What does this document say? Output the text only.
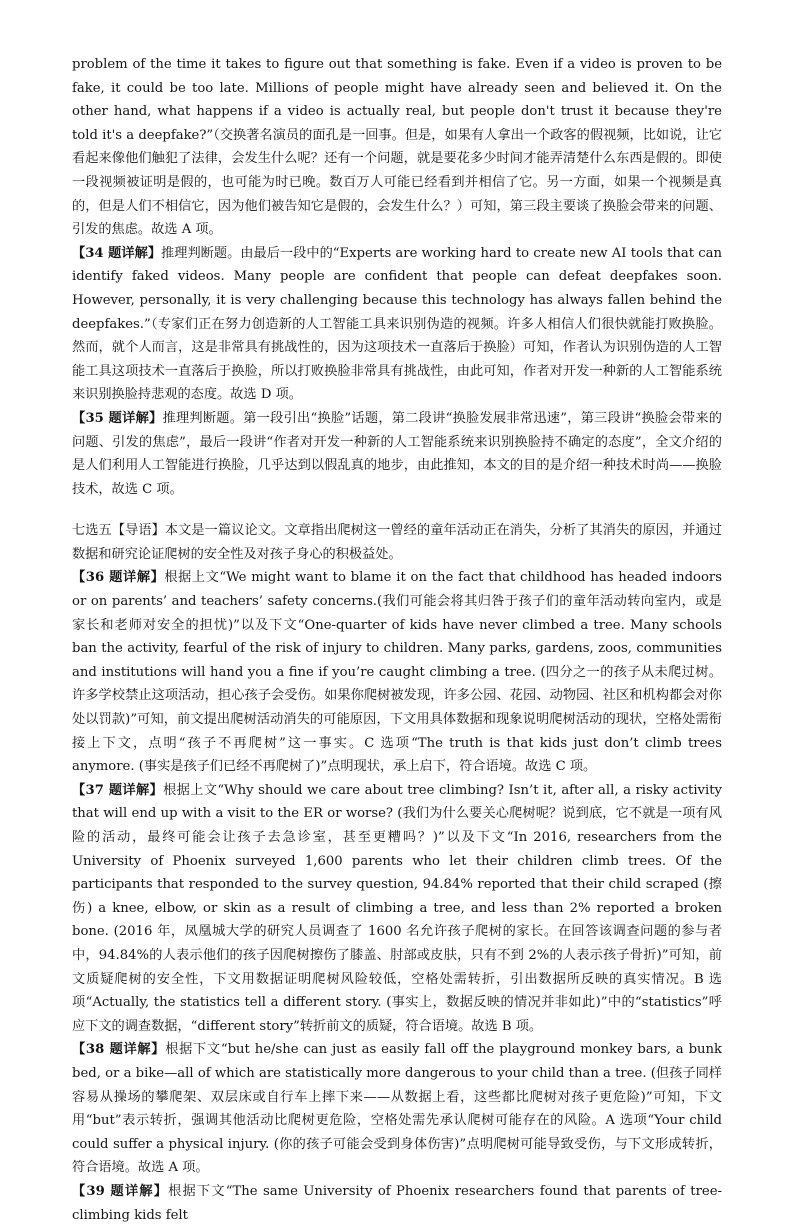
problem of the time it takes to figure out that something is fake. Even if a video is proven to be fake, it could be too late. Millions of people might have already seen and believed it. On the other hand, what happens if a video is actually real, but people don't trust it because they're told it's a deepfake?”（交换著名演员的面孔是一回事。但是，如果有人拿出一个政客的假视频，比如说，让它看起来像他们触犯了法律，会发生什么呢？还有一个问题，就是要花多少时间才能弄清楚什么东西是假的。即使一段视频被证明是假的，也可能为时已晚。数百万人可能已经看到并相信了它。另一方面，如果一个视频是真的，但是人们不相信它，因为他们被告知它是假的，会发生什么？）可知，第三段主要谈了换脸会带来的问题、引发的焦虑。故选 A 项。

【34 题详解】推理判断题。由最后一段中的“Experts are working hard to create new AI tools that can identify faked videos. Many people are confident that people can defeat deepfakes soon. However, personally, it is very challenging because this technology has always fallen behind the deepfakes.”（专家们正在努力创造新的人工智能工具来识别伪造的视频。许多人相信人们很快就能打败换脸。然而，就个人而言，这是非常具有挑战性的，因为这项技术一直落后于换脸）可知，作者认为识别伪造的人工智能工具这项技术一直落后于换脸，所以打败换脸非常具有挑战性，由此可知，作者对开发一种新的人工智能系统来识别换脸持悲观的态度。故选 D 项。

【35 题详解】推理判断题。第一段引出“换脸”话题，第二段讲“换脸发展非常迅速”，第三段讲“换脸会带来的问题、引发的焦虑”，最后一段讲“作者对开发一种新的人工智能系统来识别换脸持不确定的态度”，全文介绍的是人们利用人工智能进行换脸，几乎达到以假乱真的地步，由此推知，本文的目的是介绍一种技术时尚——换脸技术，故选 C 项。

七选五【导语】本文是一篇议论文。文章指出爬树这一曾经的童年活动正在消失，分析了其消失的原因，并通过数据和研究论证爬树的安全性及对孩子身心的积极益处。

【36 题详解】根据上文“We might want to blame it on the fact that childhood has headed indoors or on parents’ and teachers’ safety concerns.(我们可能会将其归咎于孩子们的童年活动转向室内，或是家长和老师对安全的担忧)”以及下文“One-quarter of kids have never climbed a tree. Many schools ban the activity, fearful of the risk of injury to children. Many parks, gardens, zoos, communities and institutions will hand you a fine if you’re caught climbing a tree. (四分之一的孩子从未爬过树。许多学校禁止这项活动，担心孩子会受伤。如果你爬树被发现，许多公园、花园、动物园、社区和机构都会对你处以罚款)”可知，前文提出爬树活动消失的可能原因，下文用具体数据和现象说明爬树活动的现状，空格处需衔接上下文，点明“孩子不再爬树”这一事实。C 选项“The truth is that kids just don’t climb trees anymore. (事实是孩子们已经不再爬树了)”点明现状，承上启下，符合语境。故选 C 项。

【37 题详解】根据上文“Why should we care about tree climbing? Isn’t it, after all, a risky activity that will end up with a visit to the ER or worse? (我们为什么要关心爬树呢？说到底，它不就是一项有风险的活动，最终可能会让孩子去急诊室，甚至更糟吗？)”以及下文“In 2016, researchers from the University of Phoenix surveyed 1,600 parents who let their children climb trees. Of the participants that responded to the survey question, 94.84% reported that their child scraped (擦伤) a knee, elbow, or skin as a result of climbing a tree, and less than 2% reported a broken bone. (2016 年，凤凰城大学的研究人员调查了 1600 名允许孩子爬树的家长。在回答该调查问题的参与者中，94.84%的人表示他们的孩子因爬树擦伤了膝盖、肘部或皮肤，只有不到 2%的人表示孩子骨折)”可知，前文质疑爬树的安全性，下文用数据证明爬树风险较低，空格处需转折，引出数据所反映的真实情况。B 选项“Actually, the statistics tell a different story. (事实上，数据反映的情况并非如此)”中的“statistics”呼应下文的调查数据，“different story”转折前文的质疑，符合语境。故选 B 项。

【38 题详解】根据下文“but he/she can just as easily fall off the playground monkey bars, a bunk bed, or a bike—all of which are statistically more dangerous to your child than a tree. (但孩子同样容易从操场的攀爬架、双层床或自行车上摔下来——从数据上看，这些都比爬树对孩子更危险)”可知，下文用“but”表示转折，强调其他活动比爬树更危险，空格处需先承认爬树可能存在的风险。A 选项“Your child could suffer a physical injury. (你的孩子可能会受到身体伤害)”点明爬树可能导致受伤，与下文形成转折，符合语境。故选 A 项。

【39 题详解】根据下文“The same University of Phoenix researchers found that parents of tree-climbing kids felt
